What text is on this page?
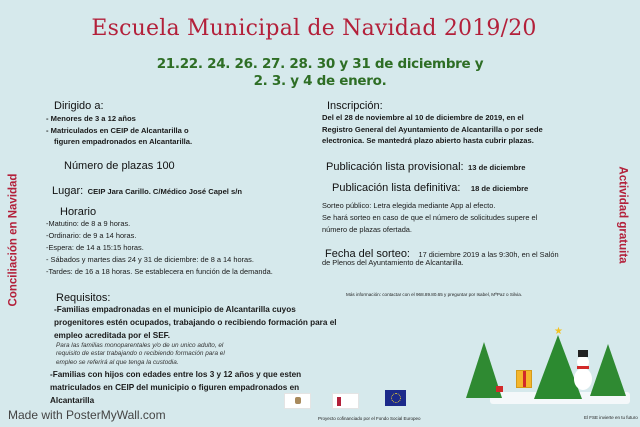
Escuela Municipal de Navidad 2019/20
21.22. 24. 26. 27. 28. 30 y 31 de diciembre y
2. 3. y 4 de enero.
Conciliación en Navidad	Actividad gratuita
Dirigido a:
- Menores de 3 a 12 años
- Matriculados en CEIP de Alcantarilla o
figuren empadronados en Alcantarilla.
Número de plazas 100
Lugar: CEIP Jara Carillo. C/Médico José Capel s/n
Horario
-Matutino: de 8 a 9 horas.
-Ordinario: de 9 a 14 horas.
-Espera: de 14 a 15:15 horas.
- Sábados y martes dias 24 y 31 de diciembre: de 8 a 14 horas.
-Tardes: de 16 a 18 horas. Se establecera en función de la demanda.
Requisitos:
-Familias empadronadas en el municipio de Alcantarilla cuyos
progenitores estén ocupados, trabajando o recibiendo formación para el
empleo acreditada por el SEF.
Para las familias monoparentales y/o de un unico adulto, el
requisito de estar trabajando o recibiendo formación para el
empleo se referirá al que tenga la custodia.
-Familias con hijos con edades entre los 3 y 12 años y que esten
matriculados en CEIP del municipio o figuren empadronados en
Alcantarilla
Inscripción:
Del el 28 de noviembre al 10 de diciembre de 2019, en el
Registro General del Ayuntamiento de Alcantarilla o por sede
electronica. Se mantedrá plazo abierto hasta cubrir plazas.
Publicación lista provisional: 13 de diciembre
Publicación lista definitiva: 18 de diciembre
Sorteo público: Letra elegida mediante App al efecto.
Se hará sorteo en caso de que el número de solicitudes supere el
número de plazas ofertada.
Fecha del sorteo: 17 diciembre 2019 a las 9:30h, en el Salón
de Plenos del Ayuntamiento de Alcantarilla.
Más información: contactar con el 968.89.80.65 y preguntar por Isabel, MªPaz o Silvia.
Proyecto cofinanciado por el Fondo Social Europeo
★
El FSE invierte en tu futuro
Made with PosterMyWall.com
